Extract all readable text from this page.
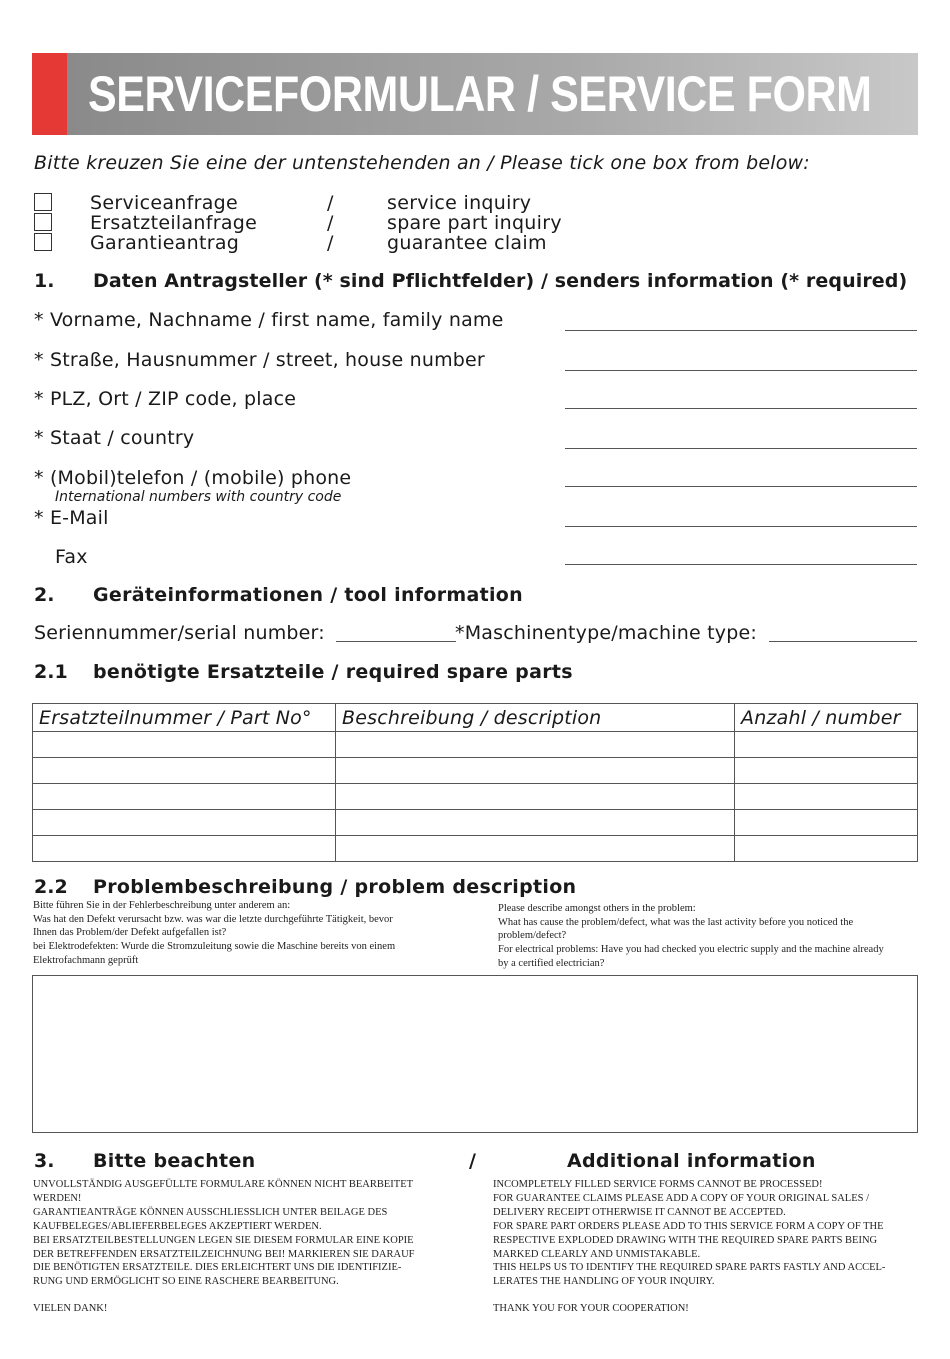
SERVICEFORMULAR / SERVICE FORM
Bitte kreuzen Sie eine der untenstehenden an / Please tick one box from below:
Serviceanfrage	/	service inquiry
Ersatzteilanfrage	/	spare part inquiry
Garantieantrag	/	guarantee claim
1. Daten Antragsteller (* sind Pflichtfelder) / senders information (* required)
* Vorname, Nachname / first name, family name
* Straße, Hausnummer / street, house number
* PLZ, Ort / ZIP code, place
* Staat / country
* (Mobil)telefon / (mobile) phone
International numbers with country code
* E-Mail
Fax
2. Geräteinformationen / tool information
Seriennummer/serial number:	*Maschinentype/machine type:
2.1 benötigte Ersatzteile / required spare parts
Ersatzteilnummer / Part No°	Beschreibung / description	Anzahl / number

2.2 Problembeschreibung / problem description
Bitte führen Sie in der Fehlerbeschreibung unter anderem an:
Was hat den Defekt verursacht bzw. was war die letzte durchgeführte Tätigkeit, bevor
Ihnen das Problem/der Defekt aufgefallen ist?
bei Elektrodefekten: Wurde die Stromzuleitung sowie die Maschine bereits von einem
Elektrofachmann geprüft
Please describe amongst others in the problem:
What has cause the problem/defect, what was the last activity before you noticed the
problem/defect?
For electrical problems: Have you had checked you electric supply and the machine already
by a certified electrician?
3. Bitte beachten	/	Additional information
UNVOLLSTÄNDIG AUSGEFÜLLTE FORMULARE KÖNNEN NICHT BEARBEITET
WERDEN!
GARANTIEANTRÄGE KÖNNEN AUSSCHLIESSLICH UNTER BEILAGE DES
KAUFBELEGES/ABLIEFERBELEGES AKZEPTIERT WERDEN.
BEI ERSATZTEILBESTELLUNGEN LEGEN SIE DIESEM FORMULAR EINE KOPIE
DER BETREFFENDEN ERSATZTEILZEICHNUNG BEI! MARKIEREN SIE DARAUF
DIE BENÖTIGTEN ERSATZTEILE. DIES ERLEICHTERT UNS DIE IDENTIFIZIE-
RUNG UND ERMÖGLICHT SO EINE RASCHERE BEARBEITUNG.
VIELEN DANK!
INCOMPLETELY FILLED SERVICE FORMS CANNOT BE PROCESSED!
FOR GUARANTEE CLAIMS PLEASE ADD A COPY OF YOUR ORIGINAL SALES /
DELIVERY RECEIPT OTHERWISE IT CANNOT BE ACCEPTED.
FOR SPARE PART ORDERS PLEASE ADD TO THIS SERVICE FORM A COPY OF THE
RESPECTIVE EXPLODED DRAWING WITH THE REQUIRED SPARE PARTS BEING
MARKED CLEARLY AND UNMISTAKABLE.
THIS HELPS US TO IDENTIFY THE REQUIRED SPARE PARTS FASTLY AND ACCEL-
LERATES THE HANDLING OF YOUR INQUIRY.
THANK YOU FOR YOUR COOPERATION!
